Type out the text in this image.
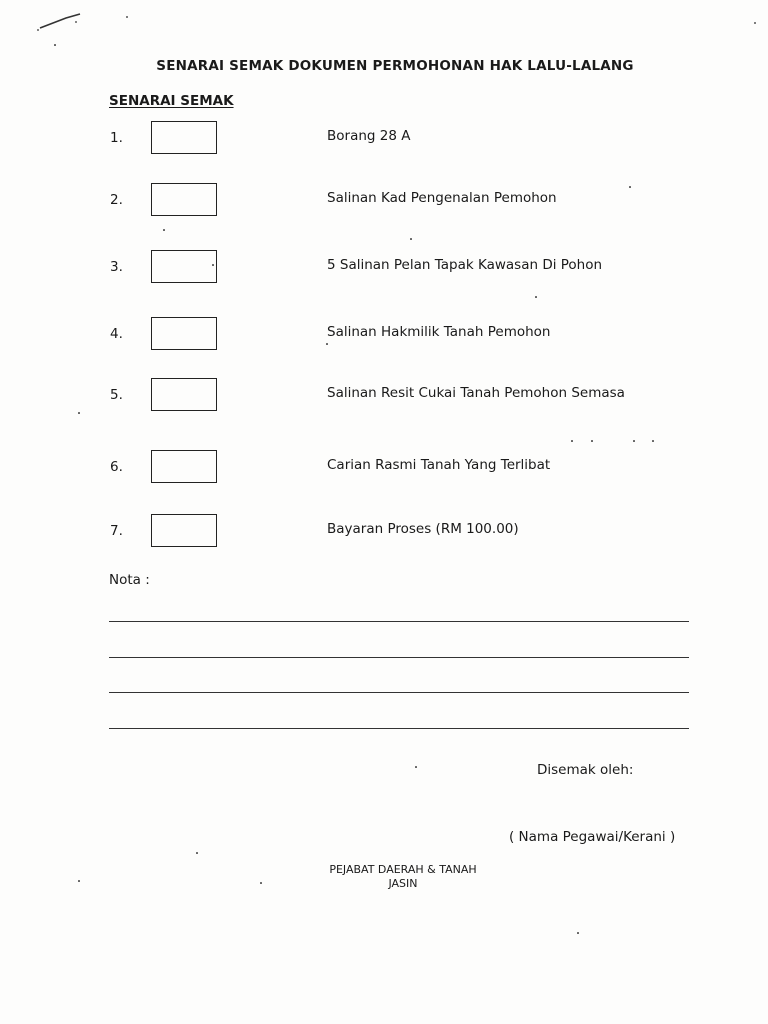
SENARAI SEMAK DOKUMEN PERMOHONAN HAK LALU-LALANG
SENARAI SEMAK
1.	Borang 28 A
2.	Salinan Kad Pengenalan Pemohon
3.	5 Salinan Pelan Tapak Kawasan Di Pohon
4.	Salinan Hakmilik Tanah Pemohon
5.	Salinan Resit Cukai Tanah Pemohon Semasa
6.	Carian Rasmi Tanah Yang Terlibat
7.	Bayaran Proses (RM 100.00)
Nota :
Disemak oleh:
( Nama Pegawai/Kerani )
PEJABAT DAERAH & TANAH
JASIN
